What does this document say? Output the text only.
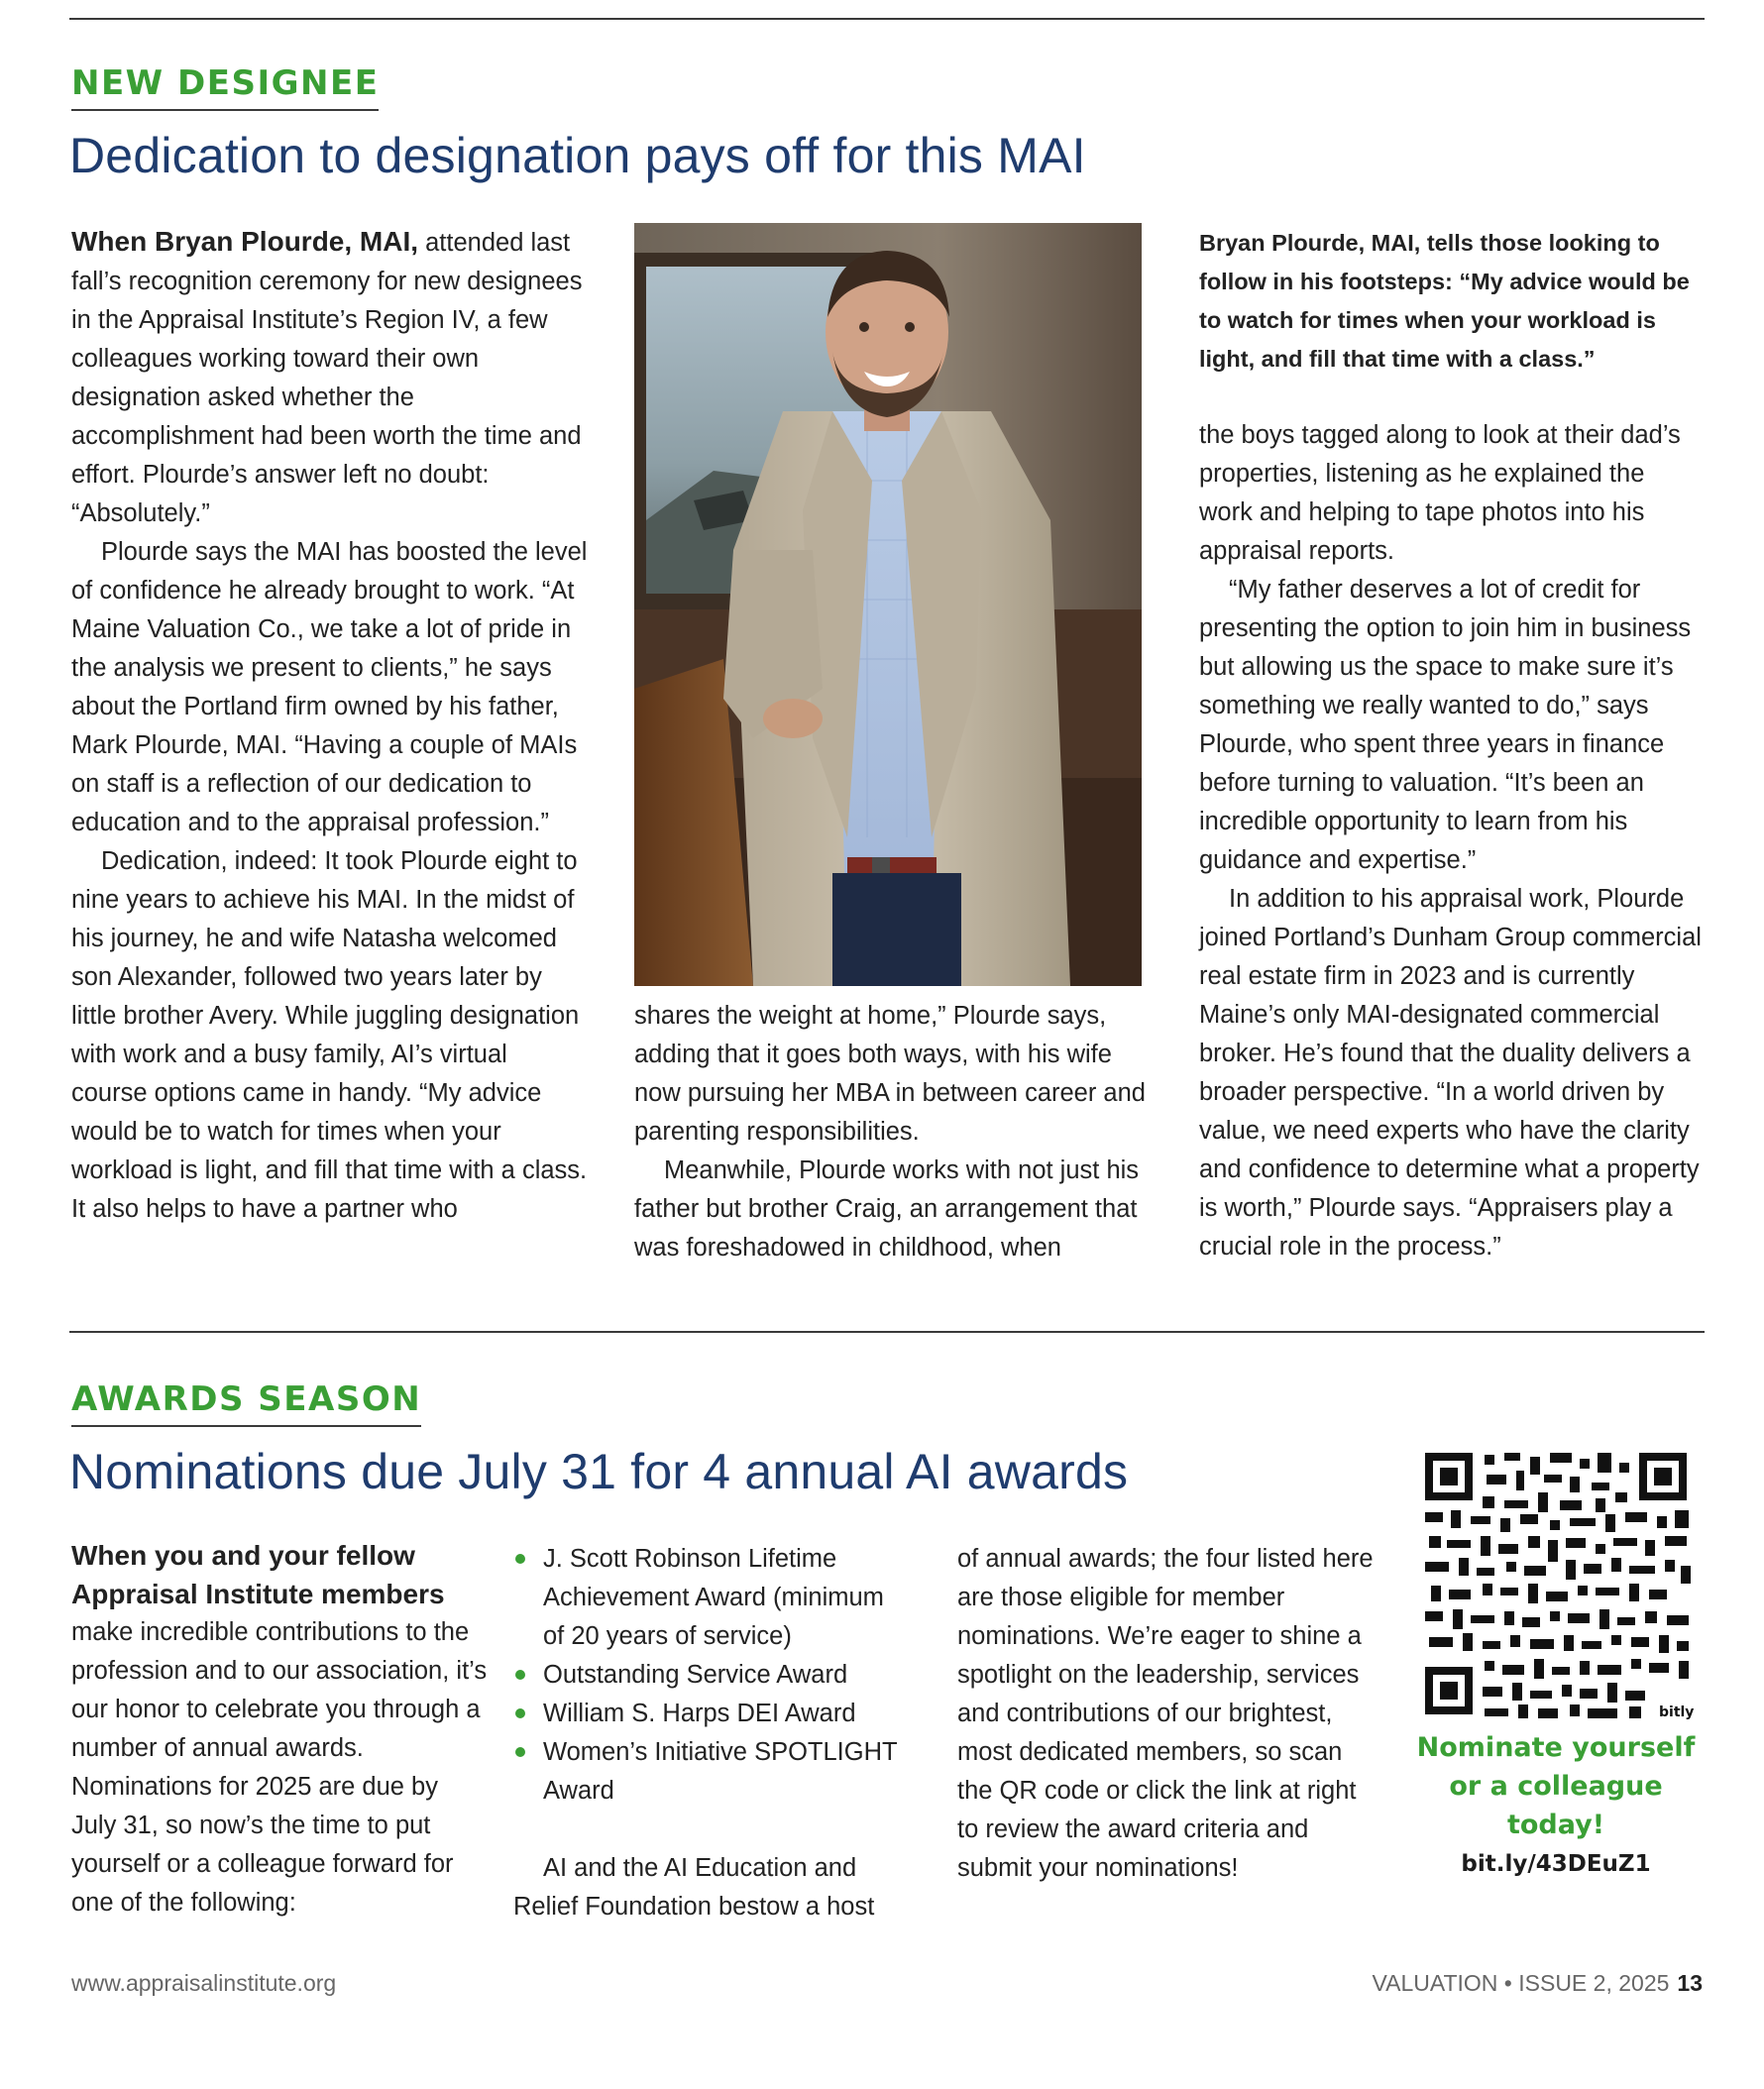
NEW DESIGNEE
Dedication to designation pays off for this MAI

When Bryan Plourde, MAI, attended last fall’s recognition ceremony for new designees in the Appraisal Institute’s Region IV, a few colleagues working toward their own designation asked whether the accomplishment had been worth the time and effort. Plourde’s answer left no doubt: “Absolutely.”

Plourde says the MAI has boosted the level of confidence he already brought to work. “At Maine Valuation Co., we take a lot of pride in the analysis we present to clients,” he says about the Portland firm owned by his father, Mark Plourde, MAI. “Having a couple of MAIs on staff is a reflection of our dedication to education and to the appraisal profession.”

Dedication, indeed: It took Plourde eight to nine years to achieve his MAI. In the midst of his journey, he and wife Natasha welcomed son Alexander, followed two years later by little brother Avery. While juggling designation with work and a busy family, AI’s virtual course options came in handy. “My advice would be to watch for times when your workload is light, and fill that time with a class. It also helps to have a partner who

shares the weight at home,” Plourde says, adding that it goes both ways, with his wife now pursuing her MBA in between career and parenting responsibilities.

Meanwhile, Plourde works with not just his father but brother Craig, an arrangement that was foreshadowed in childhood, when

Bryan Plourde, MAI, tells those looking to follow in his footsteps: “My advice would be to watch for times when your workload is light, and fill that time with a class.”

the boys tagged along to look at their dad’s properties, listening as he explained the work and helping to tape photos into his appraisal reports.

“My father deserves a lot of credit for presenting the option to join him in business but allowing us the space to make sure it’s something we really wanted to do,” says Plourde, who spent three years in finance before turning to valuation. “It’s been an incredible opportunity to learn from his guidance and expertise.”

In addition to his appraisal work, Plourde joined Portland’s Dunham Group commercial real estate firm in 2023 and is currently Maine’s only MAI-designated commercial broker. He’s found that the duality delivers a broader perspective. “In a world driven by value, we need experts who have the clarity and confidence to determine what a property is worth,” Plourde says. “Appraisers play a crucial role in the process.”

AWARDS SEASON
Nominations due July 31 for 4 annual AI awards
When you and your fellow Appraisal Institute members

make incredible contributions to the profession and to our association, it’s our honor to celebrate you through a number of annual awards. Nominations for 2025 are due by July 31, so now’s the time to put yourself or a colleague forward for one of the following:

J. Scott Robinson Lifetime Achievement Award (minimum of 20 years of service)
Outstanding Service Award
William S. Harps DEI Award
Women’s Initiative SPOTLIGHT Award

AI and the AI Education and Relief Foundation bestow a host

of annual awards; the four listed here are those eligible for member nominations. We’re eager to shine a spotlight on the leadership, services and contributions of our brightest, most dedicated members, so scan the QR code or click the link at right to review the award criteria and submit your nominations!

bitly
Nominate yourself or a colleague today!
bit.ly/43DEuZ1
www.appraisalinstitute.org	VALUATION • ISSUE 2, 2025 13
